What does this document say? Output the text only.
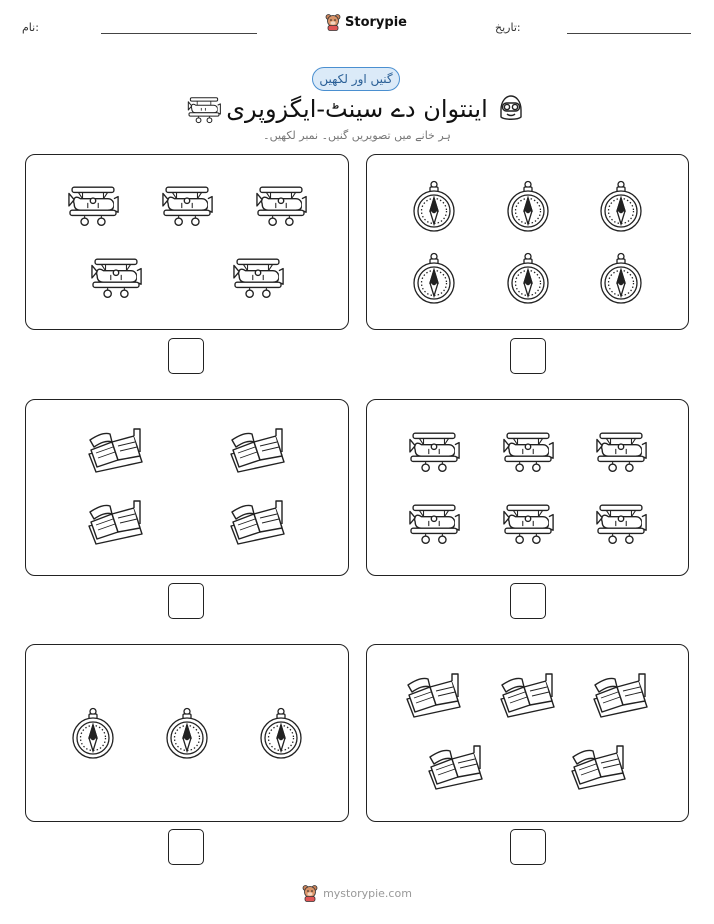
نام:	Storypie	تاریخ:
گنیں اور لکھیں
اینتوان دے سینٹ-ایگزوپری
ہر خانے میں تصویریں گنیں۔ نمبر لکھیں۔
mystorypie.com
